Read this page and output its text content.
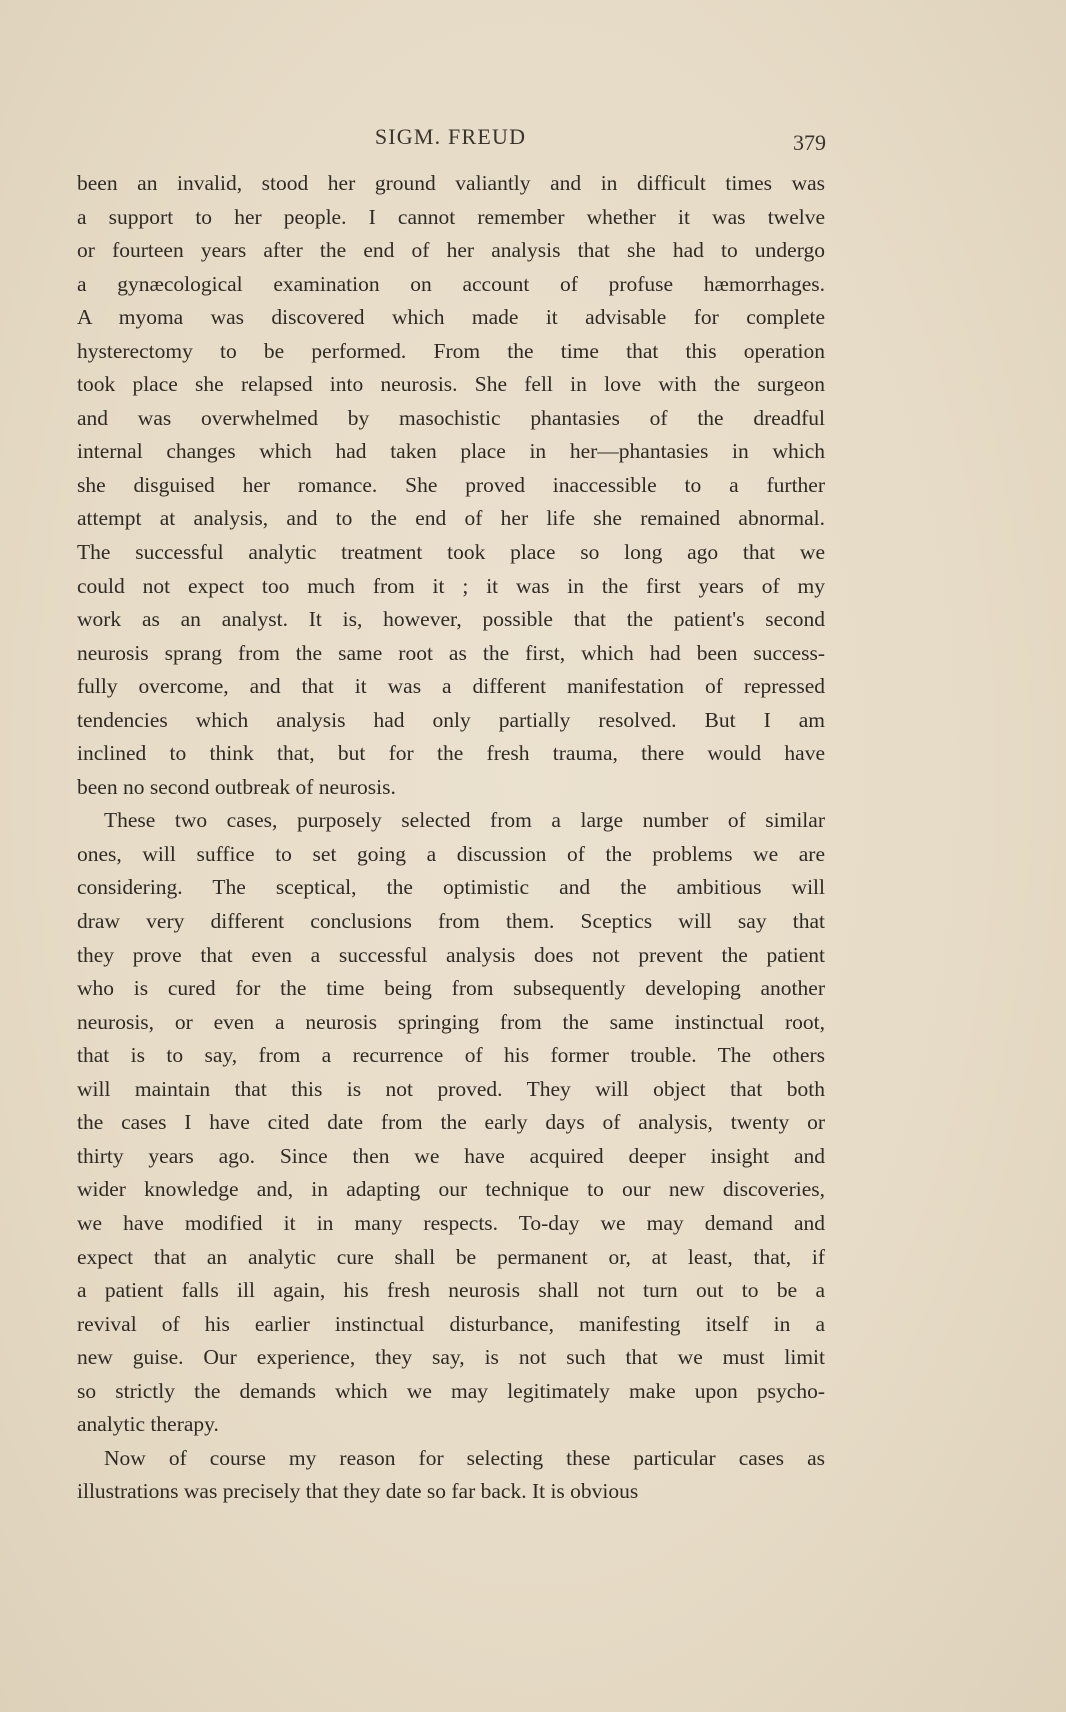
SIGM. FREUD	379

been an invalid, stood her ground valiantly and in difficult times was

a support to her people. I cannot remember whether it was twelve

or fourteen years after the end of her analysis that she had to undergo

a gynæcological examination on account of profuse hæmorrhages.

A myoma was discovered which made it advisable for complete

hysterectomy to be performed. From the time that this operation

took place she relapsed into neurosis. She fell in love with the surgeon

and was overwhelmed by masochistic phantasies of the dreadful

internal changes which had taken place in her—phantasies in which

she disguised her romance. She proved inaccessible to a further

attempt at analysis, and to the end of her life she remained abnormal.

The successful analytic treatment took place so long ago that we

could not expect too much from it ; it was in the first years of my

work as an analyst. It is, however, possible that the patient's second

neurosis sprang from the same root as the first, which had been success-

fully overcome, and that it was a different manifestation of repressed

tendencies which analysis had only partially resolved. But I am

inclined to think that, but for the fresh trauma, there would have

been no second outbreak of neurosis.

These two cases, purposely selected from a large number of similar

ones, will suffice to set going a discussion of the problems we are

considering. The sceptical, the optimistic and the ambitious will

draw very different conclusions from them. Sceptics will say that

they prove that even a successful analysis does not prevent the patient

who is cured for the time being from subsequently developing another

neurosis, or even a neurosis springing from the same instinctual root,

that is to say, from a recurrence of his former trouble. The others

will maintain that this is not proved. They will object that both

the cases I have cited date from the early days of analysis, twenty or

thirty years ago. Since then we have acquired deeper insight and

wider knowledge and, in adapting our technique to our new discoveries,

we have modified it in many respects. To-day we may demand and

expect that an analytic cure shall be permanent or, at least, that, if

a patient falls ill again, his fresh neurosis shall not turn out to be a

revival of his earlier instinctual disturbance, manifesting itself in a

new guise. Our experience, they say, is not such that we must limit

so strictly the demands which we may legitimately make upon psycho-

analytic therapy.

Now of course my reason for selecting these particular cases as

illustrations was precisely that they date so far back. It is obvious
